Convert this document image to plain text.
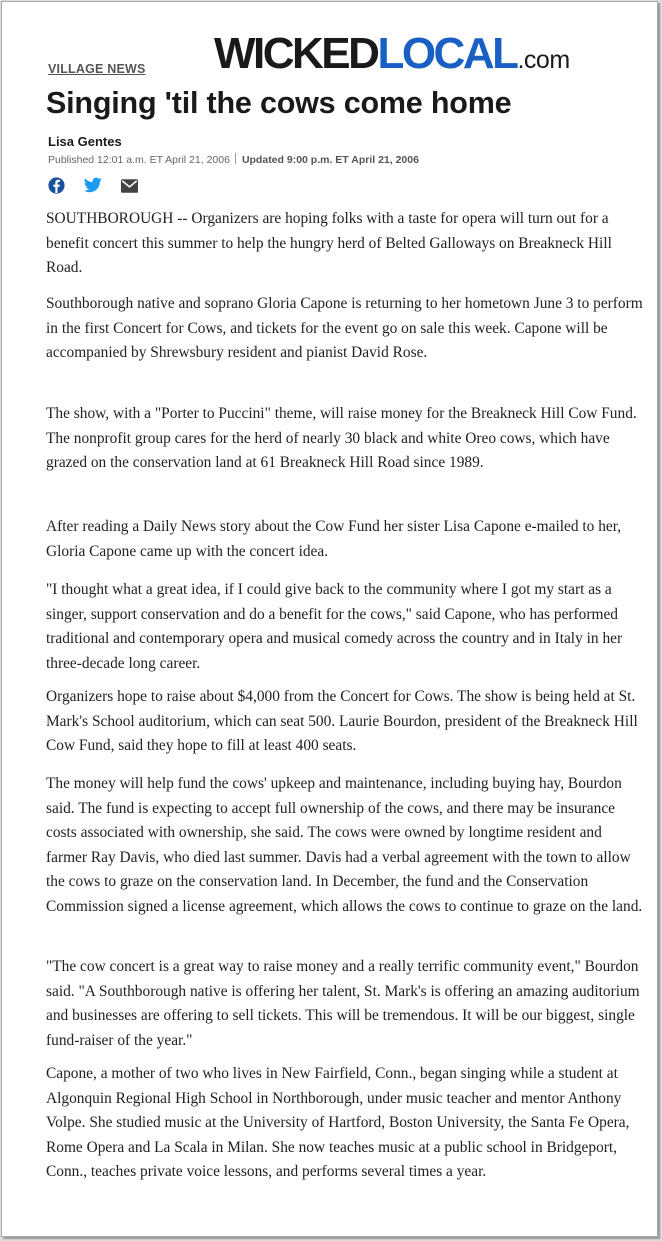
VILLAGE NEWS WICKEDLOCAL.com
Singing 'til the cows come home
Lisa Gentes
Published 12:01 a.m. ET April 21, 2006 Updated 9:00 p.m. ET April 21, 2006

SOUTHBOROUGH -- Organizers are hoping folks with a taste for opera will turn out for a benefit concert this summer to help the hungry herd of Belted Galloways on Breakneck Hill Road.

Southborough native and soprano Gloria Capone is returning to her hometown June 3 to perform in the first Concert for Cows, and tickets for the event go on sale this week. Capone will be accompanied by Shrewsbury resident and pianist David Rose.

The show, with a "Porter to Puccini" theme, will raise money for the Breakneck Hill Cow Fund. The nonprofit group cares for the herd of nearly 30 black and white Oreo cows, which have grazed on the conservation land at 61 Breakneck Hill Road since 1989.

After reading a Daily News story about the Cow Fund her sister Lisa Capone e-mailed to her, Gloria Capone came up with the concert idea.

"I thought what a great idea, if I could give back to the community where I got my start as a singer, support conservation and do a benefit for the cows," said Capone, who has performed traditional and contemporary opera and musical comedy across the country and in Italy in her three-decade long career.

Organizers hope to raise about $4,000 from the Concert for Cows. The show is being held at St. Mark's School auditorium, which can seat 500. Laurie Bourdon, president of the Breakneck Hill Cow Fund, said they hope to fill at least 400 seats.

The money will help fund the cows' upkeep and maintenance, including buying hay, Bourdon said. The fund is expecting to accept full ownership of the cows, and there may be insurance costs associated with ownership, she said. The cows were owned by longtime resident and farmer Ray Davis, who died last summer. Davis had a verbal agreement with the town to allow the cows to graze on the conservation land. In December, the fund and the Conservation Commission signed a license agreement, which allows the cows to continue to graze on the land.

"The cow concert is a great way to raise money and a really terrific community event," Bourdon said. "A Southborough native is offering her talent, St. Mark's is offering an amazing auditorium and businesses are offering to sell tickets. This will be tremendous. It will be our biggest, single fund-raiser of the year."

Capone, a mother of two who lives in New Fairfield, Conn., began singing while a student at Algonquin Regional High School in Northborough, under music teacher and mentor Anthony Volpe. She studied music at the University of Hartford, Boston University, the Santa Fe Opera, Rome Opera and La Scala in Milan. She now teaches music at a public school in Bridgeport, Conn., teaches private voice lessons, and performs several times a year.
